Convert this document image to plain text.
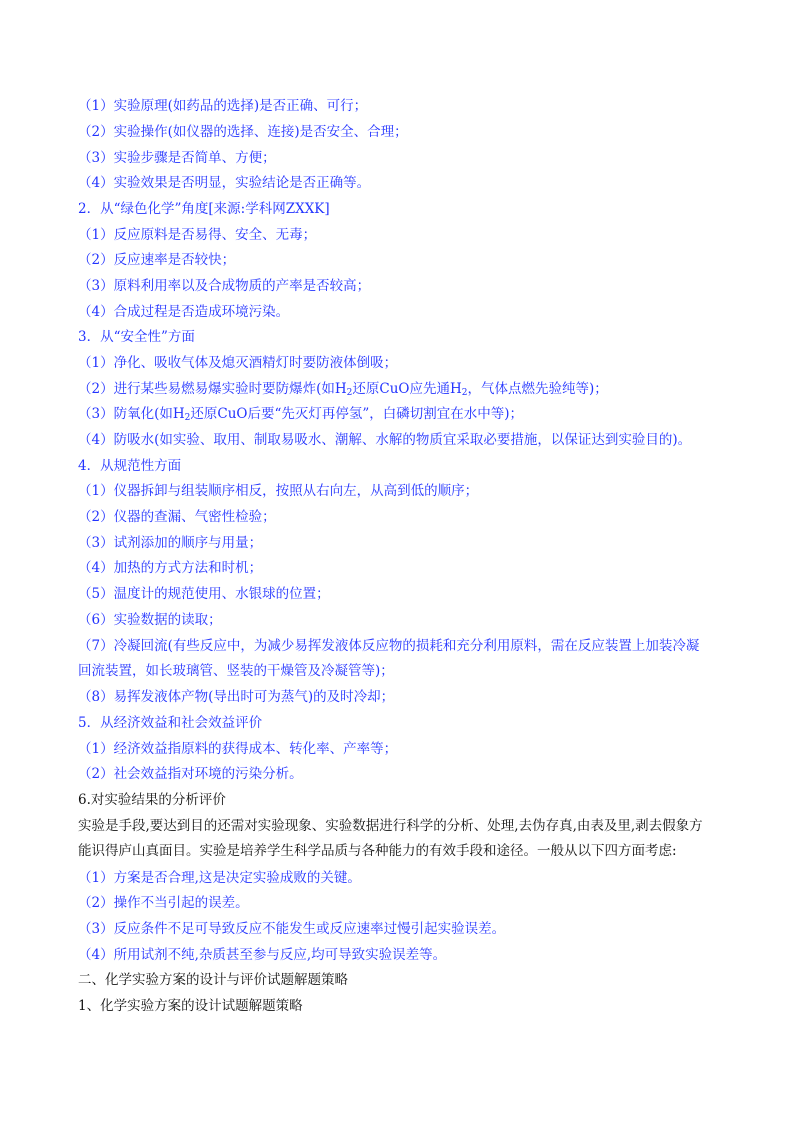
（1）实验原理(如药品的选择)是否正确、可行；
（2）实验操作(如仪器的选择、连接)是否安全、合理；
（3）实验步骤是否简单、方便；
（4）实验效果是否明显，实验结论是否正确等。
2．从“绿色化学”角度[来源:学科网ZXXK]
（1）反应原料是否易得、安全、无毒；
（2）反应速率是否较快；
（3）原料利用率以及合成物质的产率是否较高；
（4）合成过程是否造成环境污染。
3．从“安全性”方面
（1）净化、吸收气体及熄灭酒精灯时要防液体倒吸；
（2）进行某些易燃易爆实验时要防爆炸(如$H_2$还原CuO应先通$H_2$，气体点燃先验纯等)；
（3）防氧化(如$H_2$还原CuO后要“先灭灯再停氢”，白磷切割宜在水中等)；
（4）防吸水(如实验、取用、制取易吸水、潮解、水解的物质宜采取必要措施，以保证达到实验目的)。
4．从规范性方面
（1）仪器拆卸与组装顺序相反，按照从右向左，从高到低的顺序；
（2）仪器的查漏、气密性检验；
（3）试剂添加的顺序与用量；
（4）加热的方式方法和时机；
（5）温度计的规范使用、水银球的位置；
（6）实验数据的读取；
（7）冷凝回流(有些反应中，为减少易挥发液体反应物的损耗和充分利用原料，需在反应装置上加装冷凝
回流装置，如长玻璃管、竖装的干燥管及冷凝管等)；
（8）易挥发液体产物(导出时可为蒸气)的及时冷却；
5．从经济效益和社会效益评价
（1）经济效益指原料的获得成本、转化率、产率等；
（2）社会效益指对环境的污染分析。
6.对实验结果的分析评价
实验是手段,要达到目的还需对实验现象、实验数据进行科学的分析、处理,去伪存真,由表及里,剥去假象方
能识得庐山真面目。实验是培养学生科学品质与各种能力的有效手段和途径。一般从以下四方面考虑:
（1）方案是否合理,这是决定实验成败的关键。
（2）操作不当引起的误差。
（3）反应条件不足可导致反应不能发生或反应速率过慢引起实验误差。
（4）所用试剂不纯,杂质甚至参与反应,均可导致实验误差等。
二、化学实验方案的设计与评价试题解题策略
1、化学实验方案的设计试题解题策略
